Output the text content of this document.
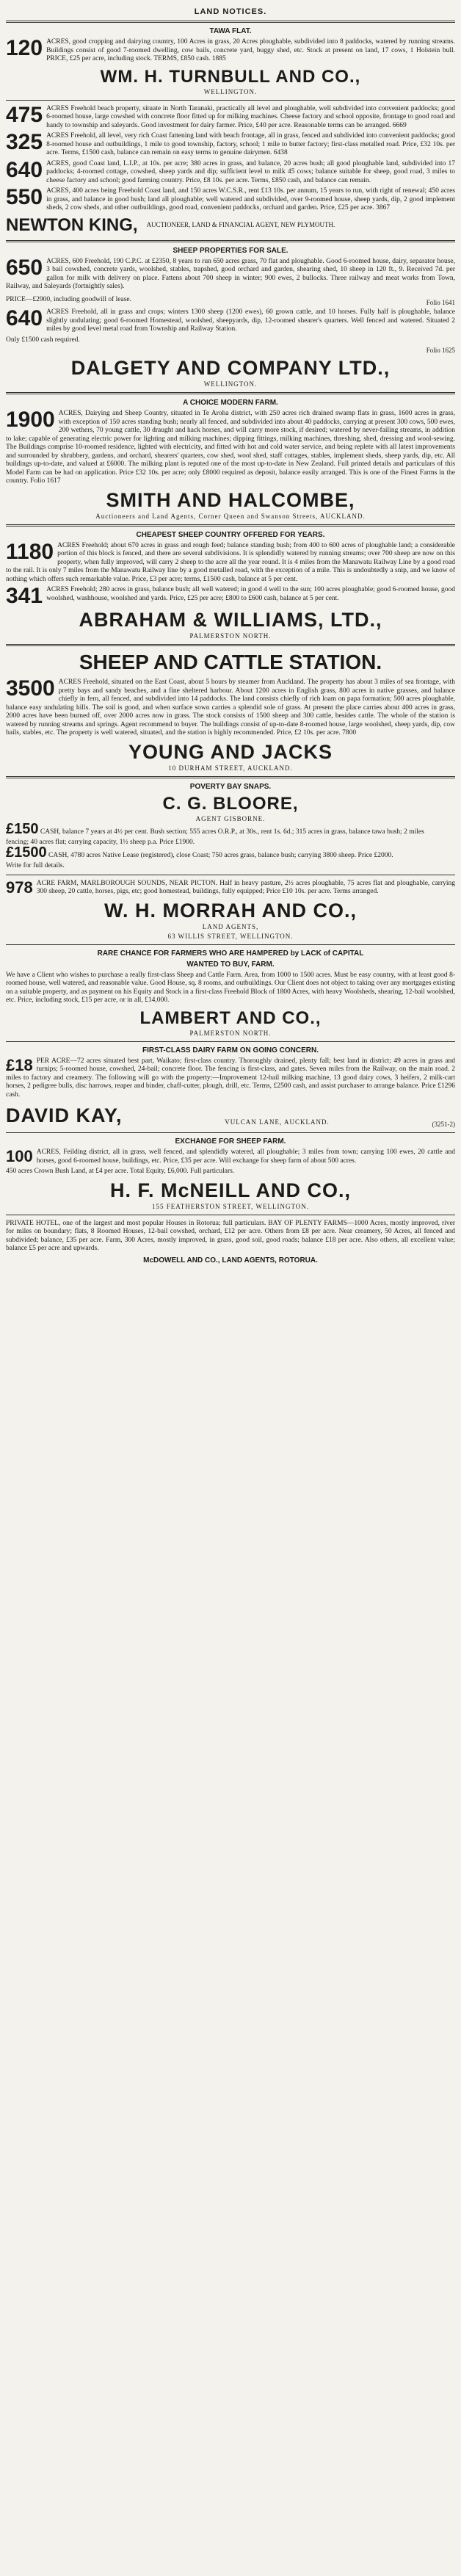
LAND NOTICES.
TAWA FLAT.
120 ACRES, good cropping and dairying country, 100 Acres in grass, 20 Acres ploughable, subdivided into 8 paddocks, watered by running streams. Buildings consist of good 7-roomed dwelling, cow bails, concrete yard, buggy shed, etc. Stock at present on land, 17 cows, 1 Holstein bull. PRICE, £25 per acre, including stock. TERMS, £850 cash. 1885
WM. H. TURNBULL AND CO.,
WELLINGTON.
475 ACRES Freehold beach property, situate in North Taranaki, practically all level and ploughable, well subdivided into convenient paddocks; good 6-roomed house, large cowshed with concrete floor fitted up for milking machines. Cheese factory and school opposite, frontage to good road and handy to township and saleyards. Good investment for dairy farmer. Price, £40 per acre. Reasonable terms can be arranged. 6669
325 ACRES Freehold, all level, very rich Coast fattening land with beach frontage, all in grass, fenced and subdivided into convenient paddocks; good 8-roomed house and outbuildings, 1 mile to good township, factory, school; 1 mile to butter factory; first-class metalled road. Price, £32 10s. per acre. Terms, £1500 cash, balance can remain on easy terms to genuine dairymen. 6438
640 ACRES, good Coast land, L.I.P., at 10s. per acre; 380 acres in grass, and balance, 20 acres bush; all good ploughable land, subdivided into 17 paddocks; 4-roomed cottage, cowshed, sheep yards and dip; sufficient level to milk 45 cows; balance suitable for sheep, good road, 3 miles to cheese factory and school; good farming country. Price, £8 10s. per acre. Terms, £850 cash, and balance can remain.
550 ACRES, 400 acres being Freehold Coast land, and 150 acres W.C.S.R., rent £13 10s. per annum, 15 years to run, with right of renewal; 450 acres in grass, and balance in good bush; land all ploughable; well watered and subdivided, over 9-roomed house, sheep yards, dip, 2 good implement sheds, 2 cow sheds, and other outbuildings, good road, convenient paddocks, orchard and garden. Price, £25 per acre. 3867
NEWTON KING, AUCTIONEER, LAND & FINANCIAL AGENT, NEW PLYMOUTH.
SHEEP PROPERTIES FOR SALE.
650 ACRES, 600 Freehold, 190 C.P.C. at £2350, 8 years to run 650 acres grass, 70 flat and ploughable. Good 6-roomed house, dairy, separator house, 3 bail cowshed, concrete yards, woolshed, stables, trapshed, good orchard and garden, shearing shed, 10 sheep in 120 ft., 9. Received 7d. per gallon for milk with delivery on place. Fattens about 700 sheep in winter; 900 ewes, 2 bullocks. Three railway and meat works from Town, Railway, and Saleyards (fortnightly sales).
PRICE—£2900, including goodwill of lease.	Folio 1641
640 ACRES Freehold, all in grass and crops; winters 1300 sheep (1200 ewes), 60 grown cattle, and 10 horses. Fully half is ploughable, balance slightly undulating; good 6-roomed Homestead, woolshed, sheepyards, dip, 12-roomed shearer's quarters. Well fenced and watered. Situated 2 miles by good level metal road from Township and Railway Station.
Only £1500 cash required.
Folio 1625
DALGETY AND COMPANY LTD.,
WELLINGTON.
A CHOICE MODERN FARM.
1900 ACRES, Dairying and Sheep Country, situated in Te Aroha district, with 250 acres rich drained swamp flats in grass, 1600 acres in grass, with exception of 150 acres standing bush; nearly all fenced, and subdivided into about 40 paddocks, carrying at present 300 cows, 500 ewes, 200 wethers, 70 young cattle, 30 draught and hack horses, and will carry more stock, if desired; watered by never-failing streams, in addition to lake; capable of generating electric power for lighting and milking machines; dipping fittings, milking machines, threshing, shed, dressing and wool-sewing. The Buildings comprise 10-roomed residence, lighted with electricity, and fitted with hot and cold water service, and being replete with all latest improvements and surrounded by shrubbery, gardens, and orchard, shearers' quarters, cow shed, wool shed, staff cottages, stables, implement sheds, sheep yards, dip, etc. All buildings up-to-date, and valued at £6000. The milking plant is reputed one of the most up-to-date in New Zealand. Full printed details and particulars of this Model Farm can be had on application. Price £32 10s. per acre; only £8000 required as deposit, balance easily arranged. This is one of the Finest Farms in the country. Folio 1617
SMITH AND HALCOMBE,
Auctioneers and Land Agents, Corner Queen and Swanson Streets, AUCKLAND.
CHEAPEST SHEEP COUNTRY OFFERED FOR YEARS.
1180 ACRES Freehold; about 670 acres in grass and rough feed; balance standing bush; from 400 to 600 acres of ploughable land; a considerable portion of this block is fenced, and there are several subdivisions. It is splendidly watered by running streams; over 700 sheep are now on this property, when fully improved, will carry 2 sheep to the acre all the year round. It is 4 miles from the Manawatu Railway Line by a good road to the rail. It is only 7 miles from the Manawatu Railway line by a good metalled road, with the exception of a mile. This is undoubtedly a snip, and we know of nothing which offers such remarkable value. Price, £3 per acre; terms, £1500 cash, balance at 5 per cent.
341 ACRES Freehold; 280 acres in grass, balance bush; all well watered; in good 4 well to the sun; 100 acres ploughable; good 6-roomed house, good woolshed, washhouse, woolshed and yards. Price, £25 per acre; £800 to £600 cash, balance at 5 per cent.
ABRAHAM & WILLIAMS, LTD.,
PALMERSTON NORTH.
SHEEP AND CATTLE STATION.
3500 ACRES Freehold, situated on the East Coast, about 5 hours by steamer from Auckland. The property has about 3 miles of sea frontage, with pretty bays and sandy beaches, and a fine sheltered harbour. About 1200 acres in English grass, 800 acres in native grasses, and balance chiefly in fern, all fenced, and subdivided into 14 paddocks. The land consists chiefly of rich loam on papa formation; 500 acres ploughable, balance easy undulating hills. The soil is good, and when surface sown carries a splendid sole of grass. At present the place carries about 400 acres in grass, 2000 acres have been burned off, over 2000 acres now in grass. The stock consists of 1500 sheep and 300 cattle, besides cattle. The whole of the station is watered by running streams and springs. Agent recommend to buyer. The buildings consist of up-to-date 8-roomed house, large woolshed, sheep yards, dip, cow bails, stables, etc. The property is well watered, situated, and the station is highly recommended. Price, £2 10s. per acre. 7800
YOUNG AND JACKS
10 DURHAM STREET, AUCKLAND.
POVERTY BAY SNAPS.
C. G. BLOORE,
AGENT GISBORNE.
£150 CASH, balance 7 years at 4½ per cent. Bush section; 555 acres O.R.P., at 30s., rent 1s. 6d.; 315 acres in grass, balance tawa bush; 2 miles
fencing; 40 acres flat; carrying capacity, 1½ sheep p.a. Price £1900.
£1500 CASH, 4780 acres Native Lease (registered), close Coast; 750 acres grass, balance bush; carrying 3800 sheep. Price £2000.
Write for full details.
978 ACRE FARM, MARLBOROUGH SOUNDS, NEAR PICTON. Half in heavy pasture, 2½ acres ploughable, 75 acres flat and ploughable, carrying 300 sheep, 20 cattle, horses, pigs, etc; good homestead, buildings, fully equipped; Price £10 10s. per acre. Terms arranged.
W. H. MORRAH AND CO.,
LAND AGENTS,
63 WILLIS STREET, WELLINGTON.
RARE CHANCE FOR FARMERS WHO ARE HAMPERED by LACK of CAPITAL
WANTED TO BUY, FARM.
We have a Client who wishes to purchase a really first-class Sheep and Cattle Farm. Area, from 1000 to 1500 acres. Must be easy country, with at least good 8-roomed house, well watered, and reasonable value. Good House, sq. 8 rooms, and outbuildings. Our Client does not object to taking over any mortgages existing on a suitable property, and as payment on his Equity and Stock in a first-class Freehold Block of 1800 Acres, with heavy Woolsheds, shearing, 12-bail woolshed, etc. Price, including stock, £15 per acre, or in all, £14,000.
LAMBERT AND CO.,
PALMERSTON NORTH.
FIRST-CLASS DAIRY FARM ON GOING CONCERN.
£18 PER ACRE—72 acres situated best part, Waikato; first-class country. Thoroughly drained, plenty fall; best land in district; 49 acres in grass and turnips; 5-roomed house, cowshed, 24-bail; concrete floor. The fencing is first-class, and gates. Seven miles from the Railway, on the main road. 2 miles to factory and creamery. The following will go with the property:—Improvement 12-bail milking machine, 13 good dairy cows, 3 heifers, 2 milk-cart horses, 2 pedigree bulls, disc harrows, reaper and binder, chaff-cutter, plough, drill, etc. Terms, £2500 cash, and assist purchaser to arrange balance. Price £1296 cash.
DAVID KAY,	VULCAN LANE, AUCKLAND.	(3251-2)
EXCHANGE FOR SHEEP FARM.
100 ACRES, Feilding district, all in grass, well fenced, and splendidly watered, all ploughable; 3 miles from town; carrying 100 ewes, 20 cattle and horses, good 6-roomed house, buildings, etc. Price, £35 per acre. Will exchange for sheep farm of about 500 acres.
450 acres Crown Bush Land, at £4 per acre. Total Equity, £6,000. Full particulars.
H. F. McNEILL AND CO.,
155 FEATHERSTON STREET, WELLINGTON.
PRIVATE HOTEL, one of the largest and most popular Houses in Rotorua; full particulars. BAY OF PLENTY FARMS—1000 Acres, mostly improved, river for miles on boundary; flats, 8 Roomed Houses, 12-bail cowshed, orchard, £12 per acre. Others from £8 per acre. Near creamery, 50 Acres, all fenced and subdivided; balance, £35 per acre. Farm, 300 Acres, mostly improved, in grass, good soil, good roads; balance £18 per acre. Also others, all excellent value; balance £5 per acre and upwards.
McDOWELL AND CO., LAND AGENTS, ROTORUA.
